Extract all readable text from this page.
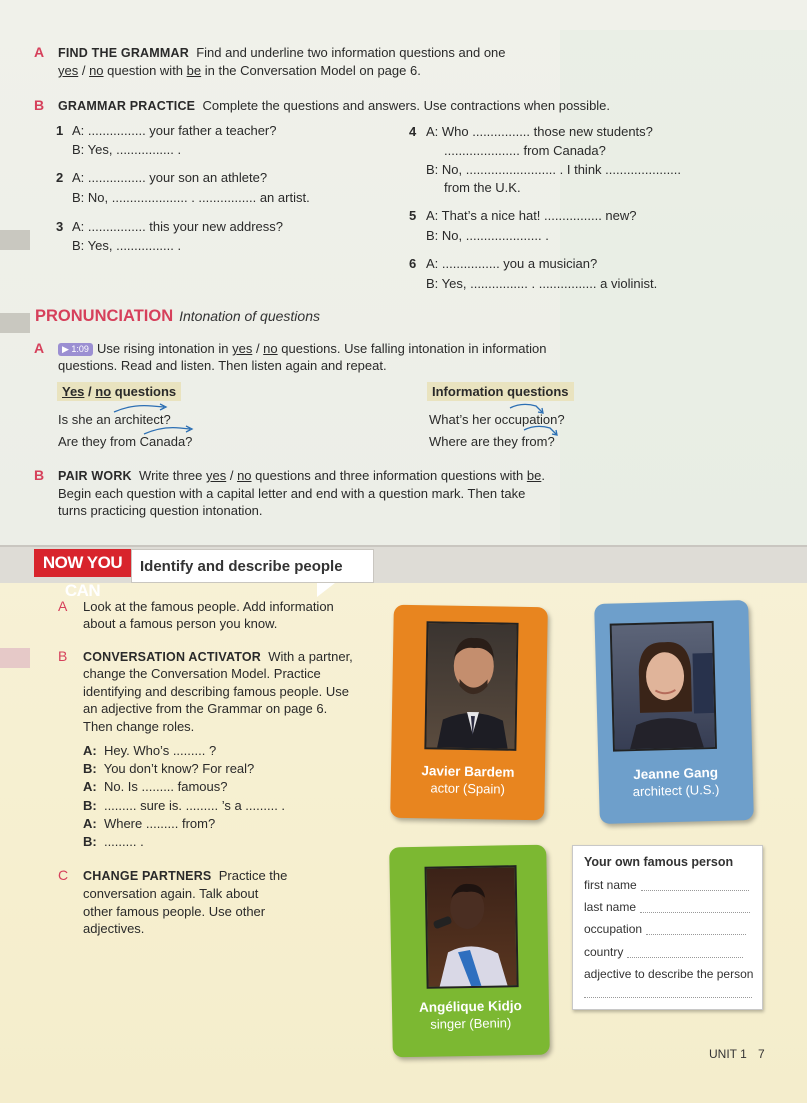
A FIND THE GRAMMAR Find and underline two information questions and one
yes / no question with be in the Conversation Model on page 6.
B GRAMMAR PRACTICE Complete the questions and answers. Use contractions when possible.
1 A: ................ your father a teacher?
B: Yes, ................ .
2 A: ................ your son an athlete?
B: No, ..................... . ................ an artist.
3 A: ................ this your new address?
B: Yes, ................ .
4 A: Who ................ those new students?
..................... from Canada?
B: No, ......................... . I think .....................
from the U.K.
5 A: That’s a nice hat! ................ new?
B: No, ..................... .
6 A: ................ you a musician?
B: Yes, ................ . ................ a violinist.
PRONUNCIATION Intonation of questions
A	▶ 1:09 Use rising intonation in yes / no questions. Use falling intonation in information
questions. Read and listen. Then listen again and repeat.
Yes / no questions
Is she an architect?
Are they from Canada?
Information questions
What’s her occupation?
Where are they from?
B PAIR WORK Write three yes / no questions and three information questions with be.
Begin each question with a capital letter and end with a question mark. Then take
turns practicing question intonation.
NOW YOU CAN
Identify and describe people
A Look at the famous people. Add information
about a famous person you know.
B CONVERSATION ACTIVATOR With a partner,
change the Conversation Model. Practice
identifying and describing famous people. Use
an adjective from the Grammar on page 6.
Then change roles.
A: Hey. Who’s ......... ?
B: You don’t know? For real?
A: No. Is ......... famous?
B: ......... sure is. ......... ’s a ......... .
A: Where ......... from?
B: ......... .
C CHANGE PARTNERS Practice the
conversation again. Talk about
other famous people. Use other
adjectives.
Javier Bardem
actor (Spain)
Jeanne Gang
architect (U.S.)
Angélique Kidjo
singer (Benin)
Your own famous person
first name
last name
occupation
country
adjective to describe the person
UNIT 1 7
